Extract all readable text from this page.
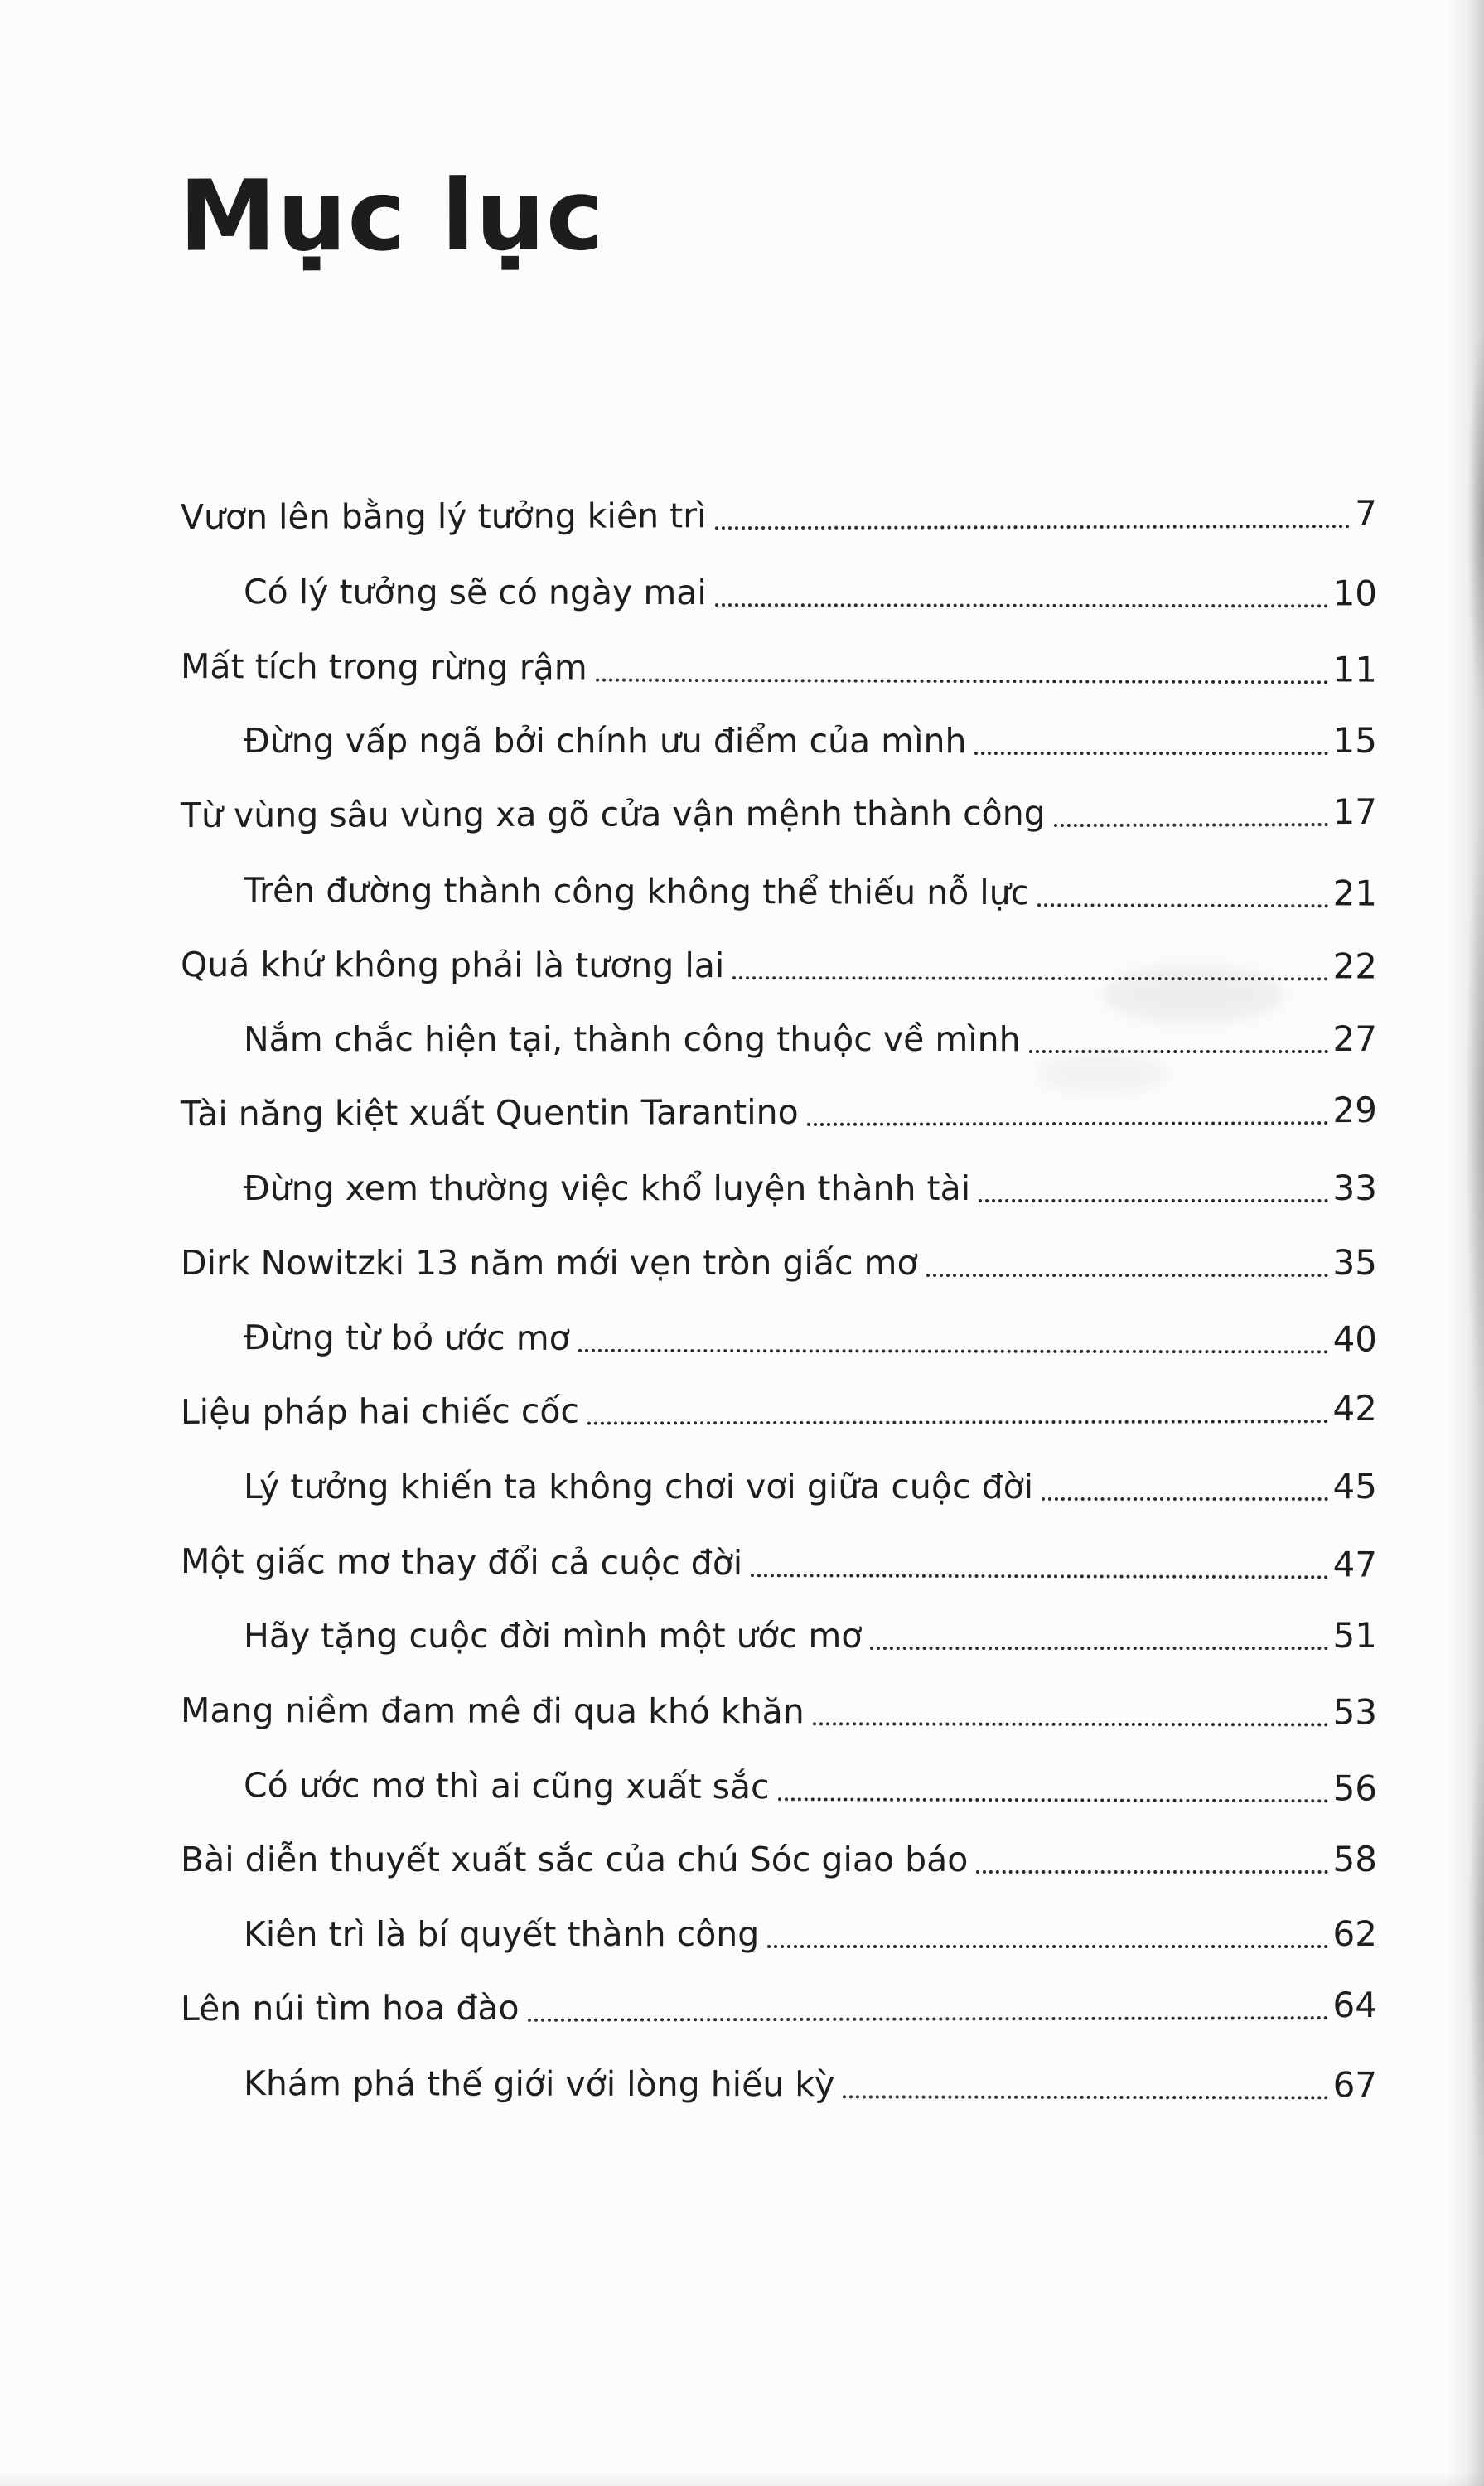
Mục lục
Vươn lên bằng lý tưởng kiên trì	7
Có lý tưởng sẽ có ngày mai	10
Mất tích trong rừng rậm	11
Đừng vấp ngã bởi chính ưu điểm của mình	15
Từ vùng sâu vùng xa gõ cửa vận mệnh thành công	17
Trên đường thành công không thể thiếu nỗ lực	21
Quá khứ không phải là tương lai	22
Nắm chắc hiện tại, thành công thuộc về mình	27
Tài năng kiệt xuất Quentin Tarantino	29
Đừng xem thường việc khổ luyện thành tài	33
Dirk Nowitzki 13 năm mới vẹn tròn giấc mơ	35
Đừng từ bỏ ước mơ	40
Liệu pháp hai chiếc cốc	42
Lý tưởng khiến ta không chơi vơi giữa cuộc đời	45
Một giấc mơ thay đổi cả cuộc đời	47
Hãy tặng cuộc đời mình một ước mơ	51
Mang niềm đam mê đi qua khó khăn	53
Có ước mơ thì ai cũng xuất sắc	56
Bài diễn thuyết xuất sắc của chú Sóc giao báo	58
Kiên trì là bí quyết thành công	62
Lên núi tìm hoa đào	64
Khám phá thế giới với lòng hiếu kỳ	67
